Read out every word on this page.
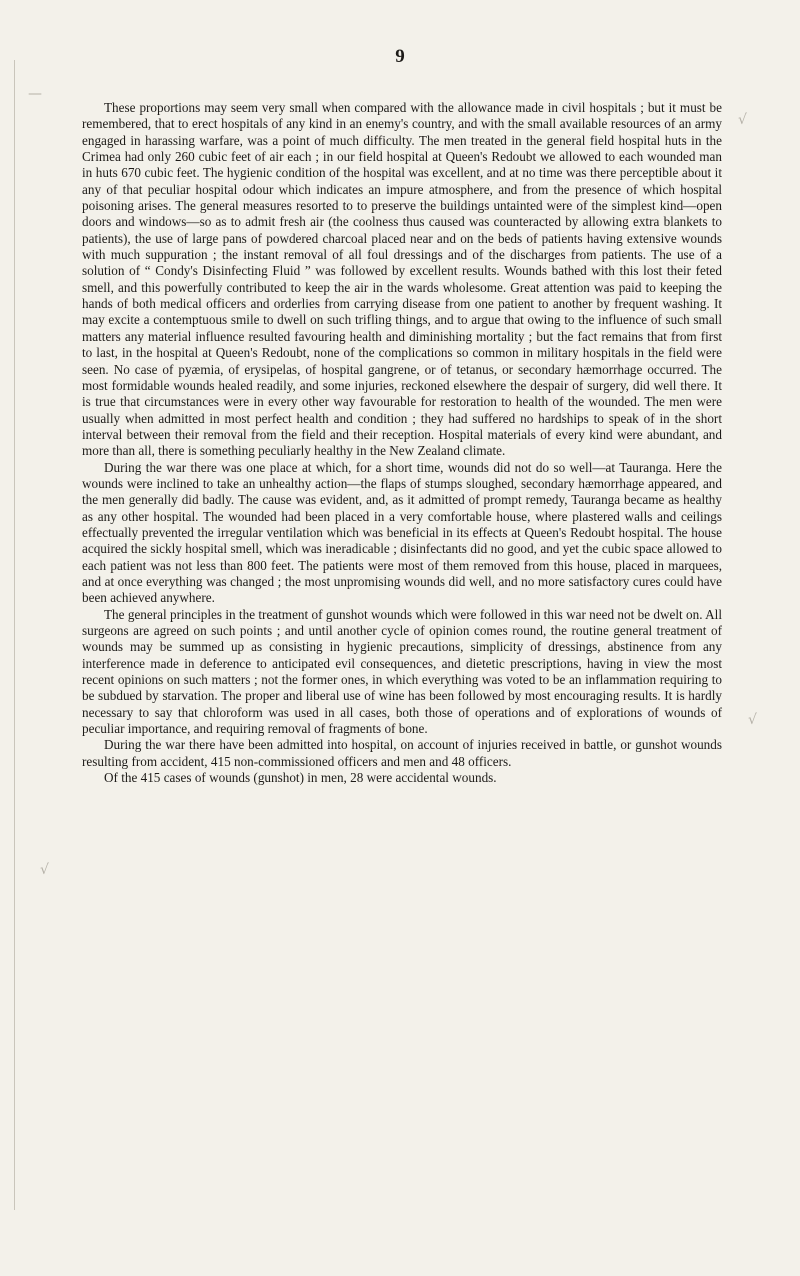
—
√
√
√
9

These proportions may seem very small when compared with the allowance made in civil hospitals ; but it must be remembered, that to erect hospitals of any kind in an enemy's country, and with the small available resources of an army engaged in harassing warfare, was a point of much difficulty. The men treated in the general field hospital huts in the Crimea had only 260 cubic feet of air each ; in our field hospital at Queen's Redoubt we allowed to each wounded man in huts 670 cubic feet. The hygienic condition of the hospital was excellent, and at no time was there perceptible about it any of that peculiar hospital odour which indicates an impure atmosphere, and from the presence of which hospital poisoning arises. The general measures resorted to to preserve the buildings untainted were of the simplest kind—open doors and windows—so as to admit fresh air (the coolness thus caused was counteracted by allowing extra blankets to patients), the use of large pans of powdered charcoal placed near and on the beds of patients having extensive wounds with much suppuration ; the instant removal of all foul dressings and of the discharges from patients. The use of a solution of “ Condy's Disinfecting Fluid ” was followed by excellent results. Wounds bathed with this lost their feted smell, and this powerfully contributed to keep the air in the wards wholesome. Great attention was paid to keeping the hands of both medical officers and orderlies from carrying disease from one patient to another by frequent washing. It may excite a contemptuous smile to dwell on such trifling things, and to argue that owing to the influence of such small matters any material influence resulted favouring health and diminishing mortality ; but the fact remains that from first to last, in the hospital at Queen's Redoubt, none of the complications so common in military hospitals in the field were seen. No case of pyæmia, of erysipelas, of hospital gangrene, or of tetanus, or secondary hæmorrhage occurred. The most formidable wounds healed readily, and some injuries, reckoned elsewhere the despair of surgery, did well there. It is true that circumstances were in every other way favourable for restoration to health of the wounded. The men were usually when admitted in most perfect health and condition ; they had suffered no hardships to speak of in the short interval between their removal from the field and their reception. Hospital materials of every kind were abundant, and more than all, there is something peculiarly healthy in the New Zealand climate.

During the war there was one place at which, for a short time, wounds did not do so well—at Tauranga. Here the wounds were inclined to take an unhealthy action—the flaps of stumps sloughed, secondary hæmorrhage appeared, and the men generally did badly. The cause was evident, and, as it admitted of prompt remedy, Tauranga became as healthy as any other hospital. The wounded had been placed in a very comfortable house, where plastered walls and ceilings effectually prevented the irregular ventilation which was beneficial in its effects at Queen's Redoubt hospital. The house acquired the sickly hospital smell, which was ineradicable ; disinfectants did no good, and yet the cubic space allowed to each patient was not less than 800 feet. The patients were most of them removed from this house, placed in marquees, and at once everything was changed ; the most unpromising wounds did well, and no more satisfactory cures could have been achieved anywhere.

The general principles in the treatment of gunshot wounds which were followed in this war need not be dwelt on. All surgeons are agreed on such points ; and until another cycle of opinion comes round, the routine general treatment of wounds may be summed up as consisting in hygienic precautions, simplicity of dressings, abstinence from any interference made in deference to anticipated evil consequences, and dietetic prescriptions, having in view the most recent opinions on such matters ; not the former ones, in which everything was voted to be an inflammation requiring to be subdued by starvation. The proper and liberal use of wine has been followed by most encouraging results. It is hardly necessary to say that chloroform was used in all cases, both those of operations and of explorations of wounds of peculiar importance, and requiring removal of fragments of bone.

During the war there have been admitted into hospital, on account of injuries received in battle, or gunshot wounds resulting from accident, 415 non-commissioned officers and men and 48 officers.

Of the 415 cases of wounds (gunshot) in men, 28 were accidental wounds.
